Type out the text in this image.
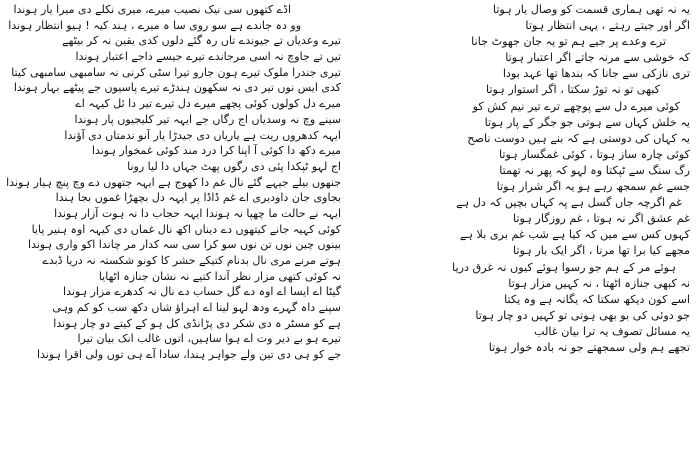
اڈے کتھوں سی نیک نصیب میرے، میری نکلے دی میرا یار ہوندا
وو دہ جاندے ہے سو روی سا ہ میرے ، ہند کیہ ! ہیو انتظار ہوندا
تیرے وعدیاں تے جیوندے تاں رہ گئے دلوں کدی یقین نہ کر بیٹھے
تیں تے جاوچ نہ اسی مرجاندے تیرے جیسے داجے اعتبار ہوندا
تیری جندرا ملوک تیرے ہون جارو تیرا سٹی کرنی نہ سامبھی سامبھی کیتا
کدی ایس نوں تیر دی نہ سکھون ہندڑے تیرے پاسیوں جے پیٹھے بہار ہوندا
میرے دل کولوں کوئی پچھے میرے دل تیرے تیر دا ئل کیہہ اے
سینے وچ نہ وسدیاں اج رگاں جے ایہہ تیر کلیجیوں پار ہوندا
ایہہ کدھروں ریت ہے یاریاں دی جیدڑا یار آنو ندمتاں دی آؤندا
میرے دکھ دا کوئی آ اپنا کرا درد مند کوئی غمخوار ہوندا
اج لہو ٹپکدا پئی دی رگوں پھٹ جہاں دا لیا رونا
جنھوں بیلے جیہے گئے نال غم دا کھوج ہے ایہہ جتھوں دے وچ پنچ ہیار ہوندا
بجاوی جان داودیری اے غم ڈاڈا پر ایہہ دل بچھڑا غموں بجا ہندا
ایہہ نے حالت ما چھپا نہ ہوندا ایہہ حجاب دا نہ ہوت آزار ہوندا
کوئی کہیہ جانے کیتھوں دے دیناں اکھ نال غماں دی کیہہ اوہ ہنیر پایا
بینوں چین نوں تن نوں سو کرا سی سہ کدار مر چاندا اکو واری ہوندا
ہوتے مرنے مری نال بدنام کتیکے حشر کا کونو شکستہ نہ دریا ڈبدے
نہ کوئی کتھی مزار نظر آندا کتیے نہ نشان جنازہ اٹھایا
گیٹا اے ایسا اے اوہ دے گل حساب دے نال نہ کدھرے مزار ہوندا
سپنے داہ گہرے ودھ لہو لینا اے اہراؤ شاں دکھ سب کو کم وہی
ہے کو مسٹر ہ دی شکر دی پڑانڈی کل ہو کے کیتے دو چار ہوندا
تیرے ہو بے دیر وت اے ہوا ساہیں، اتوں غالب انک بیان تیرا
جے کو ہی دی تین ولے جواہر ہندا، سادا آے ہی توں ولی اقرا ہوندا
یہ نہ تھی ہماری قسمت کو وصال یار ہوتا
اگر اور جیتے رہتے ، یہی انتظار ہوتا
ترے وعدے پر جیے ہم تو یہ جان جھوٹ جانا
کہ خوشی سے مرنہ جاتے اگر اعتبار ہوتا
تری نازکی سے جانا کہ بندھا تھا عہد بودا
کبھی تو نہ توڑ سکتا ، اگر استوار ہوتا
کوئی میرے دل سے پوچھے ترے تیر نیم کش کو
یہ خلش کہاں سے ہوتی جو جگر کے پار ہوتا
یہ کہاں کی دوستی ہے کہ بنے ہیں دوست ناصح
کوئی چارہ ساز ہوتا ، کوئی غمگسار ہوتا
رگ سنگ سے ٹپکتا وہ لہو کہ پھر نہ تھمتا
جسے غم سمجھ رہے ہو یہ اگر شرار ہوتا
غم اگرچہ جاں گسل ہے پہ کہاں بچیں کہ دل ہے
غم عشق اگر نہ ہوتا ، غم روزگار ہوتا
کہوں کس سے میں کہ کیا ہے شب غم بری بلا ہے
مجھے کیا برا تھا مرنا ، اگر ایک بار ہوتا
ہوئے مر کے ہم جو رسوا ہوئے کیوں نہ غرق دریا
نہ کبھی جنازہ اٹھتا ، نہ کہیں مزار ہوتا
اسے کون دیکھ سکتا کہ یگانہ ہے وہ یکتا
جو دوئی کی بو بھی ہوتی تو کہیں دو چار ہوتا
یہ مسائل تصوف یہ ترا بیان غالب
تجھے ہم ولی سمجھتے جو نہ بادہ خوار ہوتا
